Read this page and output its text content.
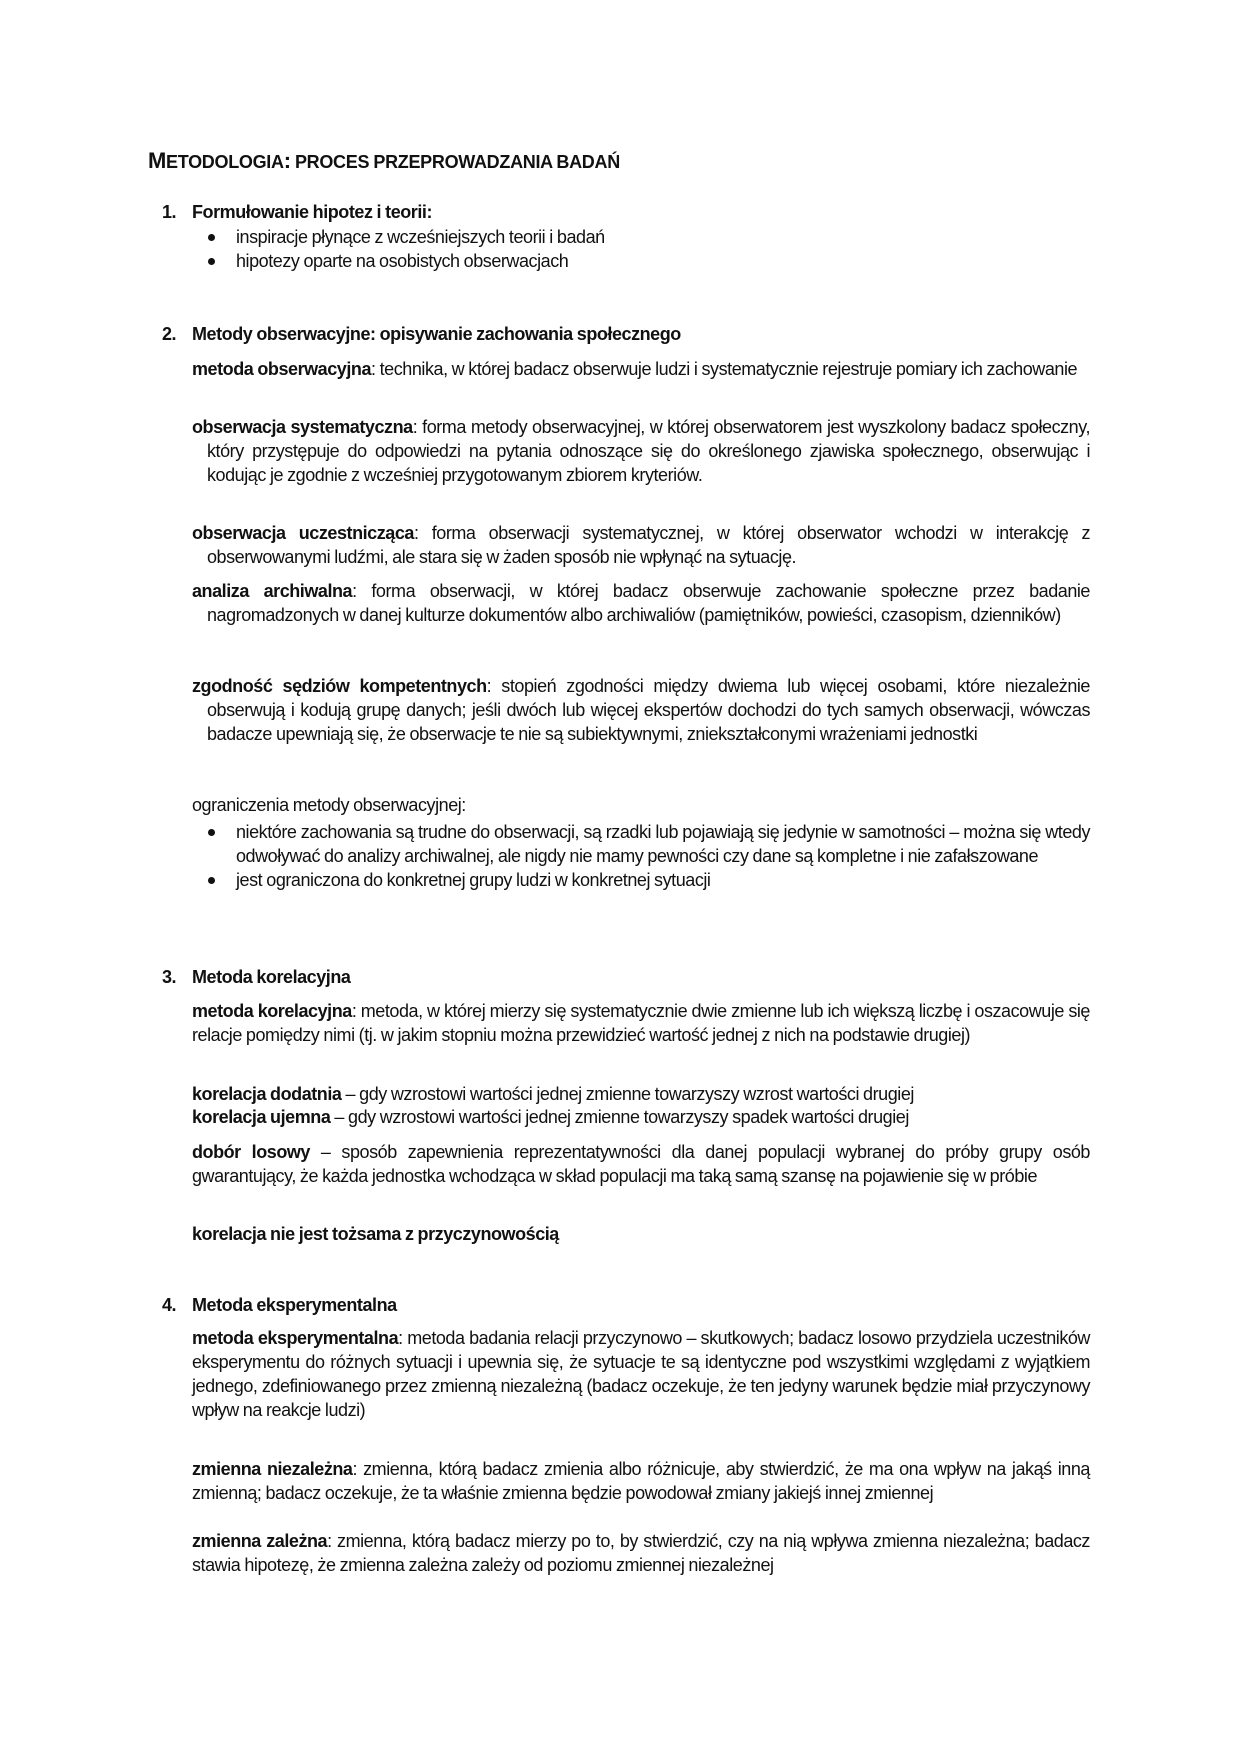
METODOLOGIA: PROCES PRZEPROWADZANIA BADAŃ
1. Formułowanie hipotez i teorii:
inspiracje płynące z wcześniejszych teorii i badań
hipotezy oparte na osobistych obserwacjach
2. Metody obserwacyjne: opisywanie zachowania społecznego
metoda obserwacyjna: technika, w której badacz obserwuje ludzi i systematycznie rejestruje pomiary ich zachowanie
obserwacja systematyczna: forma metody obserwacyjnej, w której obserwatorem jest wyszkolony badacz społeczny, który przystępuje do odpowiedzi na pytania odnoszące się do określonego zjawiska społecznego, obserwując i kodując je zgodnie z wcześniej przygotowanym zbiorem kryteriów.
obserwacja uczestnicząca: forma obserwacji systematycznej, w której obserwator wchodzi w interakcję z obserwowanymi ludźmi, ale stara się w żaden sposób nie wpłynąć na sytuację.
analiza archiwalna: forma obserwacji, w której badacz obserwuje zachowanie społeczne przez badanie nagromadzonych w danej kulturze dokumentów albo archiwaliów (pamiętników, powieści, czasopism, dzienników)
zgodność sędziów kompetentnych: stopień zgodności między dwiema lub więcej osobami, które niezależnie obserwują i kodują grupę danych; jeśli dwóch lub więcej ekspertów dochodzi do tych samych obserwacji, wówczas badacze upewniają się, że obserwacje te nie są subiektywnymi, zniekształconymi wrażeniami jednostki
ograniczenia metody obserwacyjnej:
niektóre zachowania są trudne do obserwacji, są rzadki lub pojawiają się jedynie w samotności – można się wtedy odwoływać do analizy archiwalnej, ale nigdy nie mamy pewności czy dane są kompletne i nie zafałszowane
jest ograniczona do konkretnej grupy ludzi w konkretnej sytuacji
3. Metoda korelacyjna
metoda korelacyjna: metoda, w której mierzy się systematycznie dwie zmienne lub ich większą liczbę i oszacowuje się relacje pomiędzy nimi (tj. w jakim stopniu można przewidzieć wartość jednej z nich na podstawie drugiej)
korelacja dodatnia – gdy wzrostowi wartości jednej zmienne towarzyszy wzrost wartości drugiej
korelacja ujemna – gdy wzrostowi wartości jednej zmienne towarzyszy spadek wartości drugiej
dobór losowy – sposób zapewnienia reprezentatywności dla danej populacji wybranej do próby grupy osób gwarantujący, że każda jednostka wchodząca w skład populacji ma taką samą szansę na pojawienie się w próbie
korelacja nie jest tożsama z przyczynowością
4. Metoda eksperymentalna
metoda eksperymentalna: metoda badania relacji przyczynowo – skutkowych; badacz losowo przydziela uczestników eksperymentu do różnych sytuacji i upewnia się, że sytuacje te są identyczne pod wszystkimi względami z wyjątkiem jednego, zdefiniowanego przez zmienną niezależną (badacz oczekuje, że ten jedyny warunek będzie miał przyczynowy wpływ na reakcje ludzi)
zmienna niezależna: zmienna, którą badacz zmienia albo różnicuje, aby stwierdzić, że ma ona wpływ na jakąś inną zmienną; badacz oczekuje, że ta właśnie zmienna będzie powodował zmiany jakiejś innej zmiennej
zmienna zależna: zmienna, którą badacz mierzy po to, by stwierdzić, czy na nią wpływa zmienna niezależna; badacz stawia hipotezę, że zmienna zależna zależy od poziomu zmiennej niezależnej
